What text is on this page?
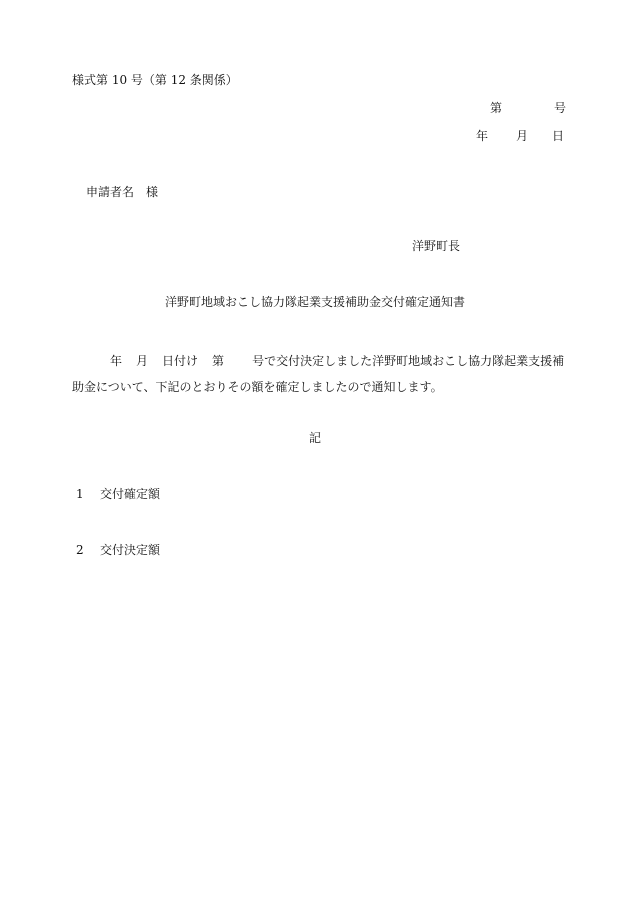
様式第 10 号（第 12 条関係）
第	号
年 月 日
申請者名 様
洋野町長
洋野町地域おこし協力隊起業支援補助金交付確定通知書
年 月 日付け 第 号で交付決定しました洋野町地域おこし協力隊起業支援補助金について、下記のとおりその額を確定しましたので通知します。
記
1 交付確定額
2 交付決定額
